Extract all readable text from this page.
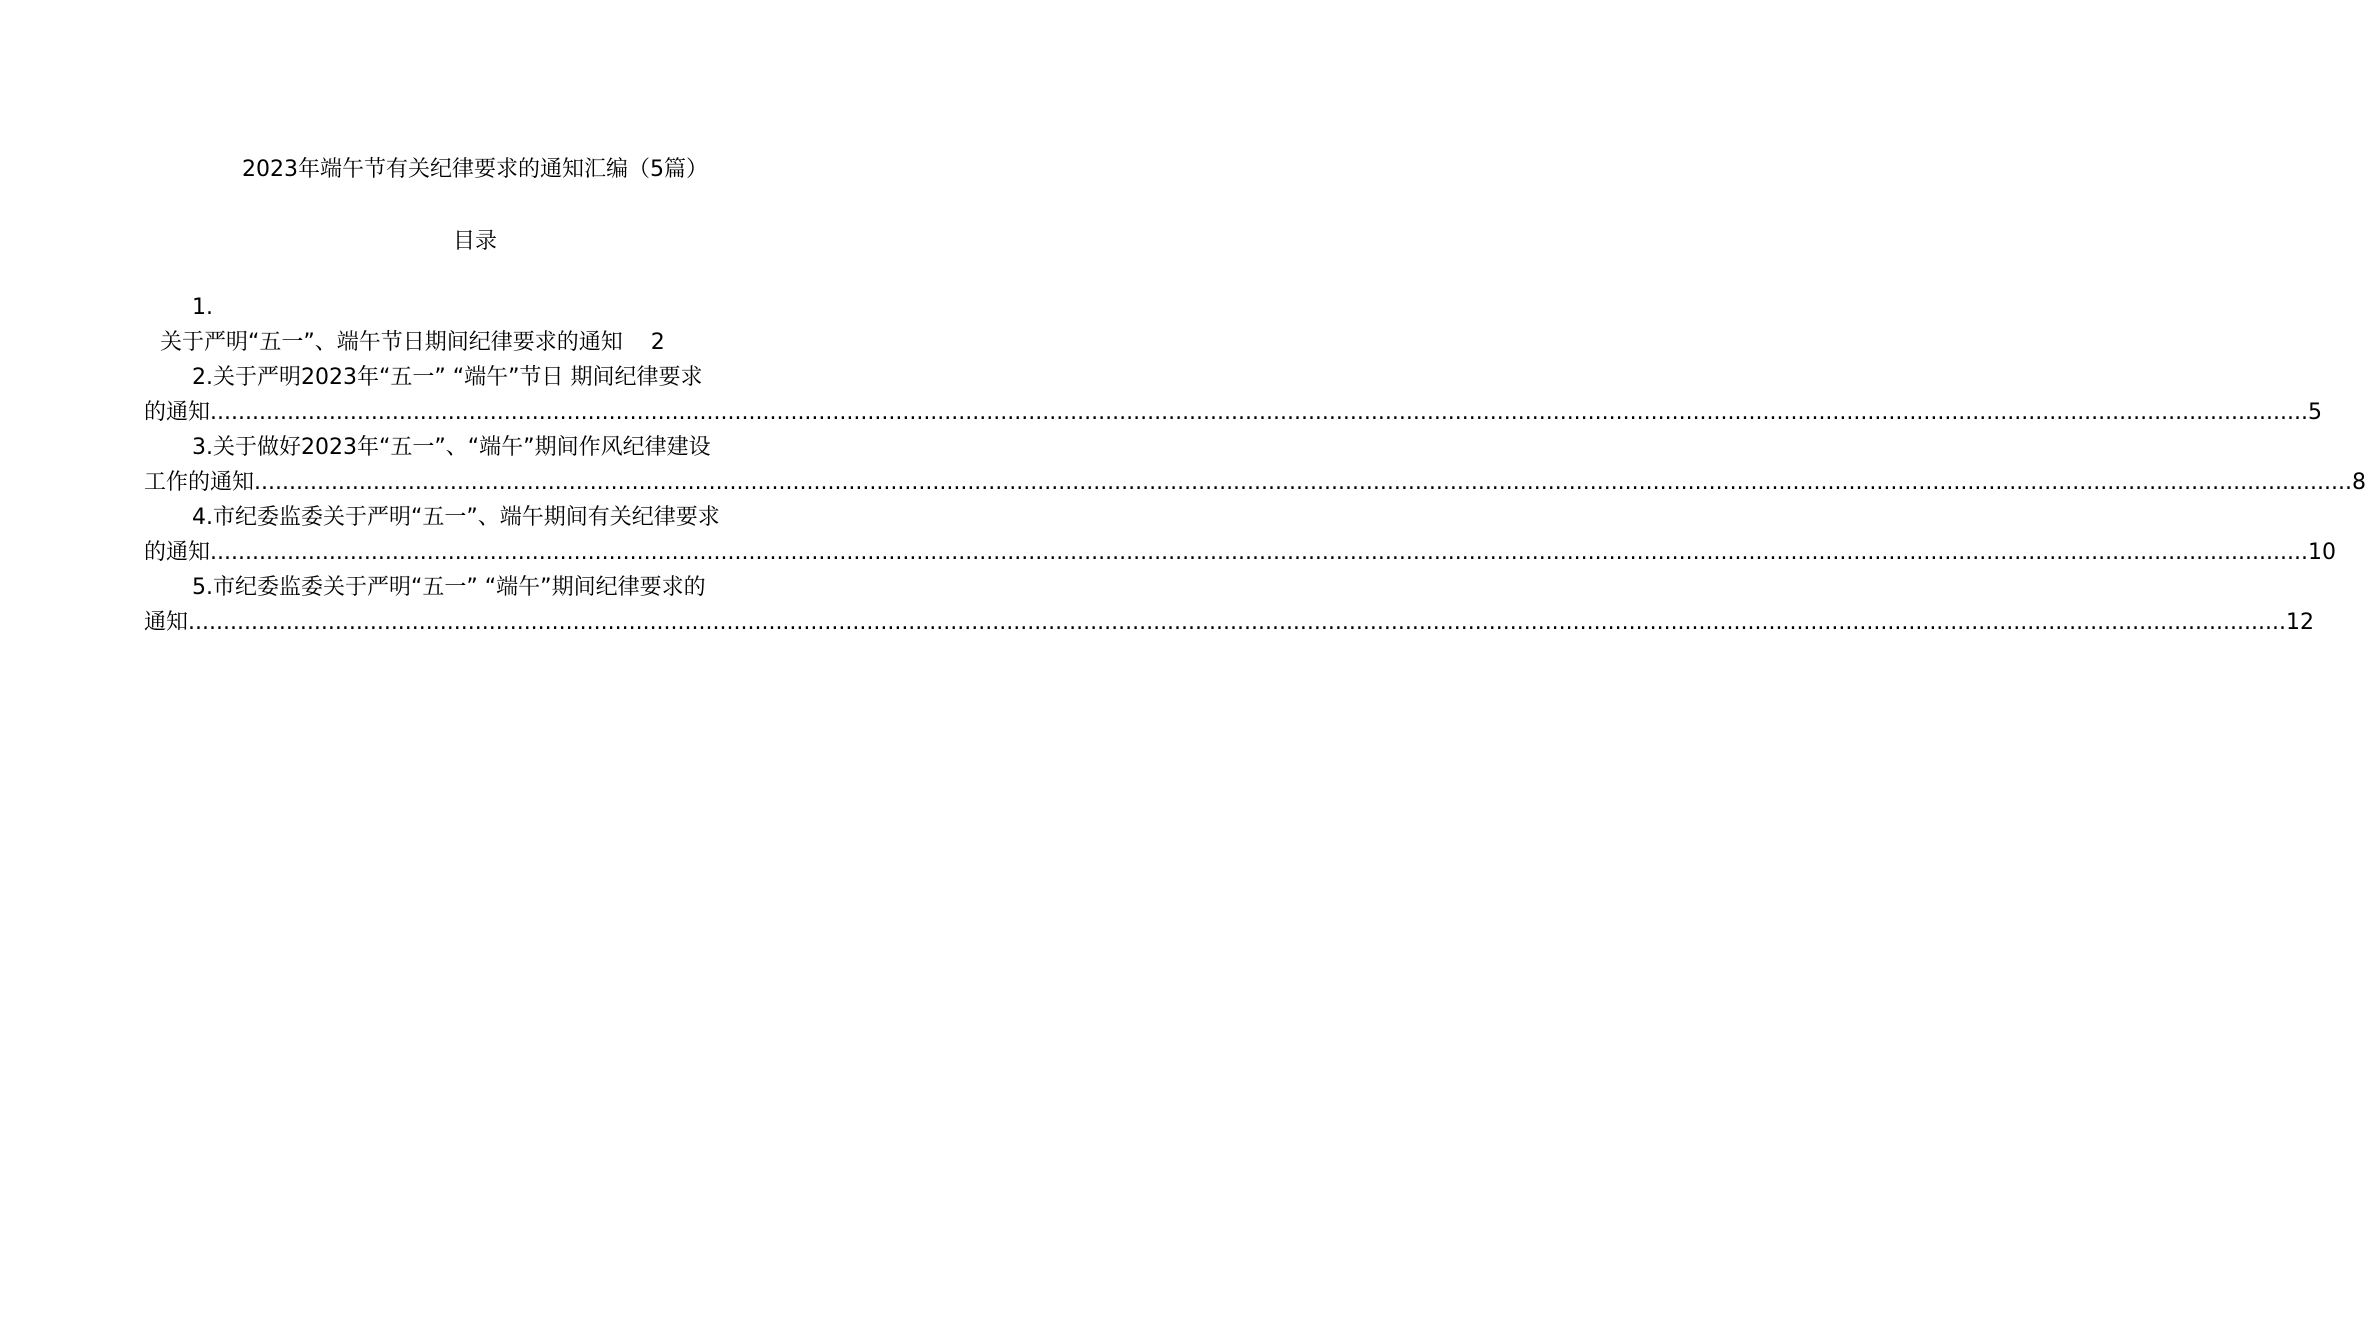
2023年端午节有关纪律要求的通知汇编（5篇）
目录
1.
关于严明“五一”、端午节日期间纪律要求的通知 2
2.关于严明2023年“五一” “端午”节日 期间纪律要求
的通知 ............................................................................................................................................................................................................................................................................................................ 5
3.关于做好2023年“五一”、“端午”期间作风纪律建设
工作的通知 ............................................................................................................................................................................................................................................................................................................ 8
4.市纪委监委关于严明“五一”、端午期间有关纪律要求
的通知 ............................................................................................................................................................................................................................................................................................................ 10
5.市纪委监委关于严明“五一” “端午”期间纪律要求的
通知 ............................................................................................................................................................................................................................................................................................................ 12
